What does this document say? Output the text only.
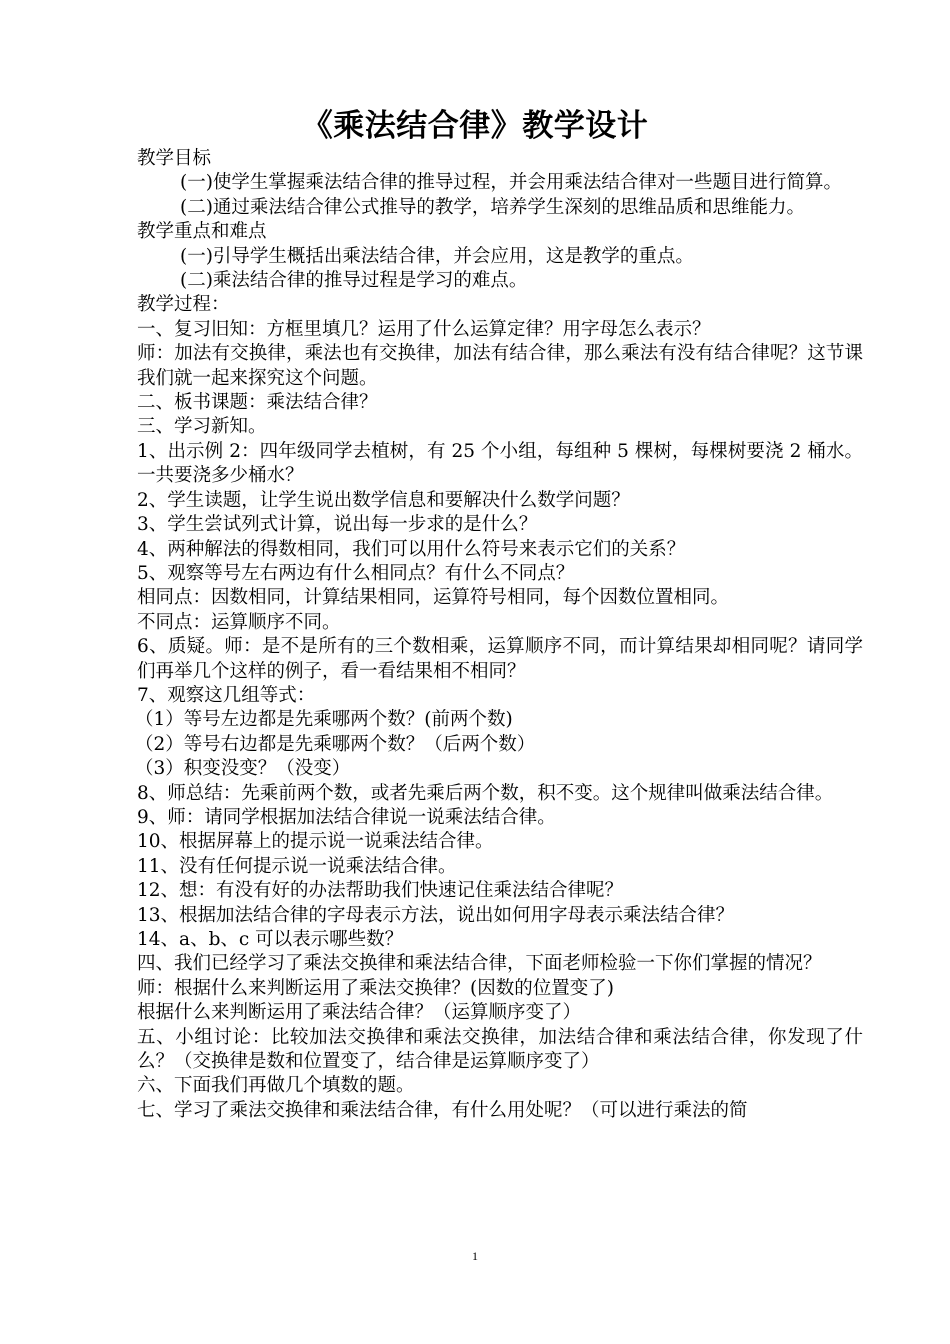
《乘法结合律》教学设计

教学目标

(一)使学生掌握乘法结合律的推导过程，并会用乘法结合律对一些题目进行简算。

(二)通过乘法结合律公式推导的教学，培养学生深刻的思维品质和思维能力。

教学重点和难点

(一)引导学生概括出乘法结合律，并会应用，这是教学的重点。

(二)乘法结合律的推导过程是学习的难点。

教学过程：

一、复习旧知：方框里填几？运用了什么运算定律？用字母怎么表示？

师：加法有交换律，乘法也有交换律，加法有结合律，那么乘法有没有结合律呢？这节课我们就一起来探究这个问题。

二、板书课题：乘法结合律？

三、学习新知。

1、出示例 2：四年级同学去植树，有 25 个小组，每组种 5 棵树，每棵树要浇 2 桶水。一共要浇多少桶水？

2、学生读题，让学生说出数学信息和要解决什么数学问题？

3、学生尝试列式计算，说出每一步求的是什么？

4、两种解法的得数相同，我们可以用什么符号来表示它们的关系？

5、观察等号左右两边有什么相同点？有什么不同点？

相同点：因数相同，计算结果相同，运算符号相同，每个因数位置相同。

不同点：运算顺序不同。

6、质疑。师：是不是所有的三个数相乘，运算顺序不同，而计算结果却相同呢？请同学们再举几个这样的例子，看一看结果相不相同？

7、观察这几组等式：

（1）等号左边都是先乘哪两个数？(前两个数)

（2）等号右边都是先乘哪两个数？（后两个数）

（3）积变没变？（没变）

8、师总结：先乘前两个数，或者先乘后两个数，积不变。这个规律叫做乘法结合律。

9、师：请同学根据加法结合律说一说乘法结合律。

10、根据屏幕上的提示说一说乘法结合律。

11、没有任何提示说一说乘法结合律。

12、想：有没有好的办法帮助我们快速记住乘法结合律呢？

13、根据加法结合律的字母表示方法，说出如何用字母表示乘法结合律？

14、a、b、c 可以表示哪些数？

四、我们已经学习了乘法交换律和乘法结合律，下面老师检验一下你们掌握的情况？

师：根据什么来判断运用了乘法交换律？(因数的位置变了)

根据什么来判断运用了乘法结合律？（运算顺序变了）

五、小组讨论：比较加法交换律和乘法交换律，加法结合律和乘法结合律，你发现了什么？（交换律是数和位置变了，结合律是运算顺序变了）

六、下面我们再做几个填数的题。

七、学习了乘法交换律和乘法结合律，有什么用处呢？（可以进行乘法的简

1
